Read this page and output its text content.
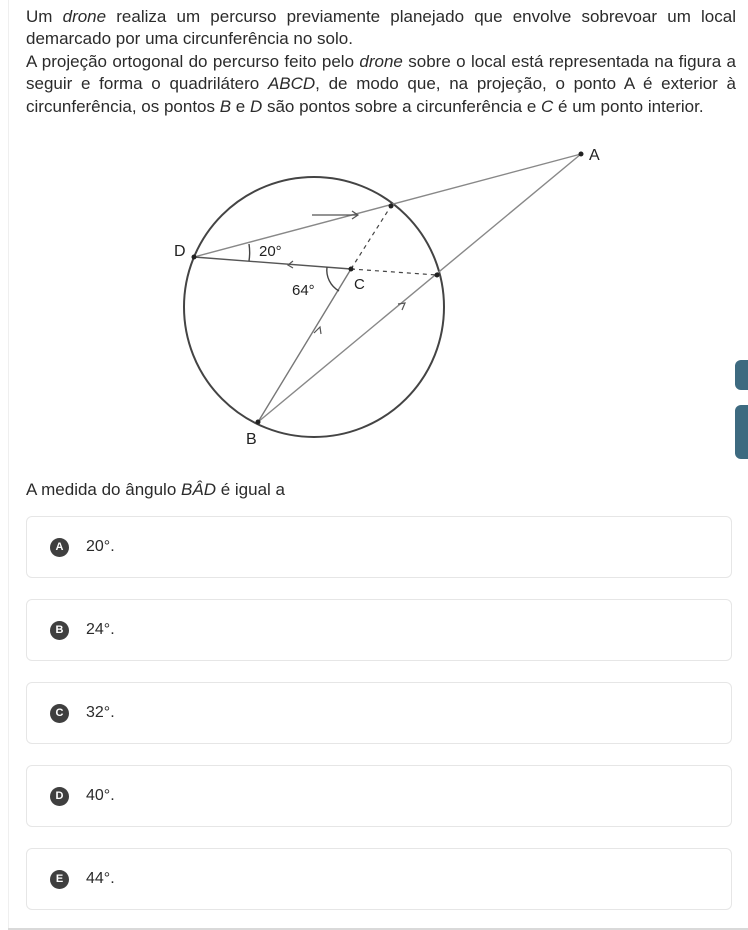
Um drone realiza um percurso previamente planejado que envolve sobrevoar um local demarcado por uma circunferência no solo.

A projeção ortogonal do percurso feito pelo drone sobre o local está representada na figura a seguir e forma o quadrilátero ABCD, de modo que, na projeção, o ponto A é exterior à circunferência, os pontos B e D são pontos sobre a circunferência e C é um ponto interior.

A
D
C
B
20°
64°

A medida do ângulo BÂD é igual a

A	20°.
B	24°.
C	32°.
D	40°.
E	44°.
